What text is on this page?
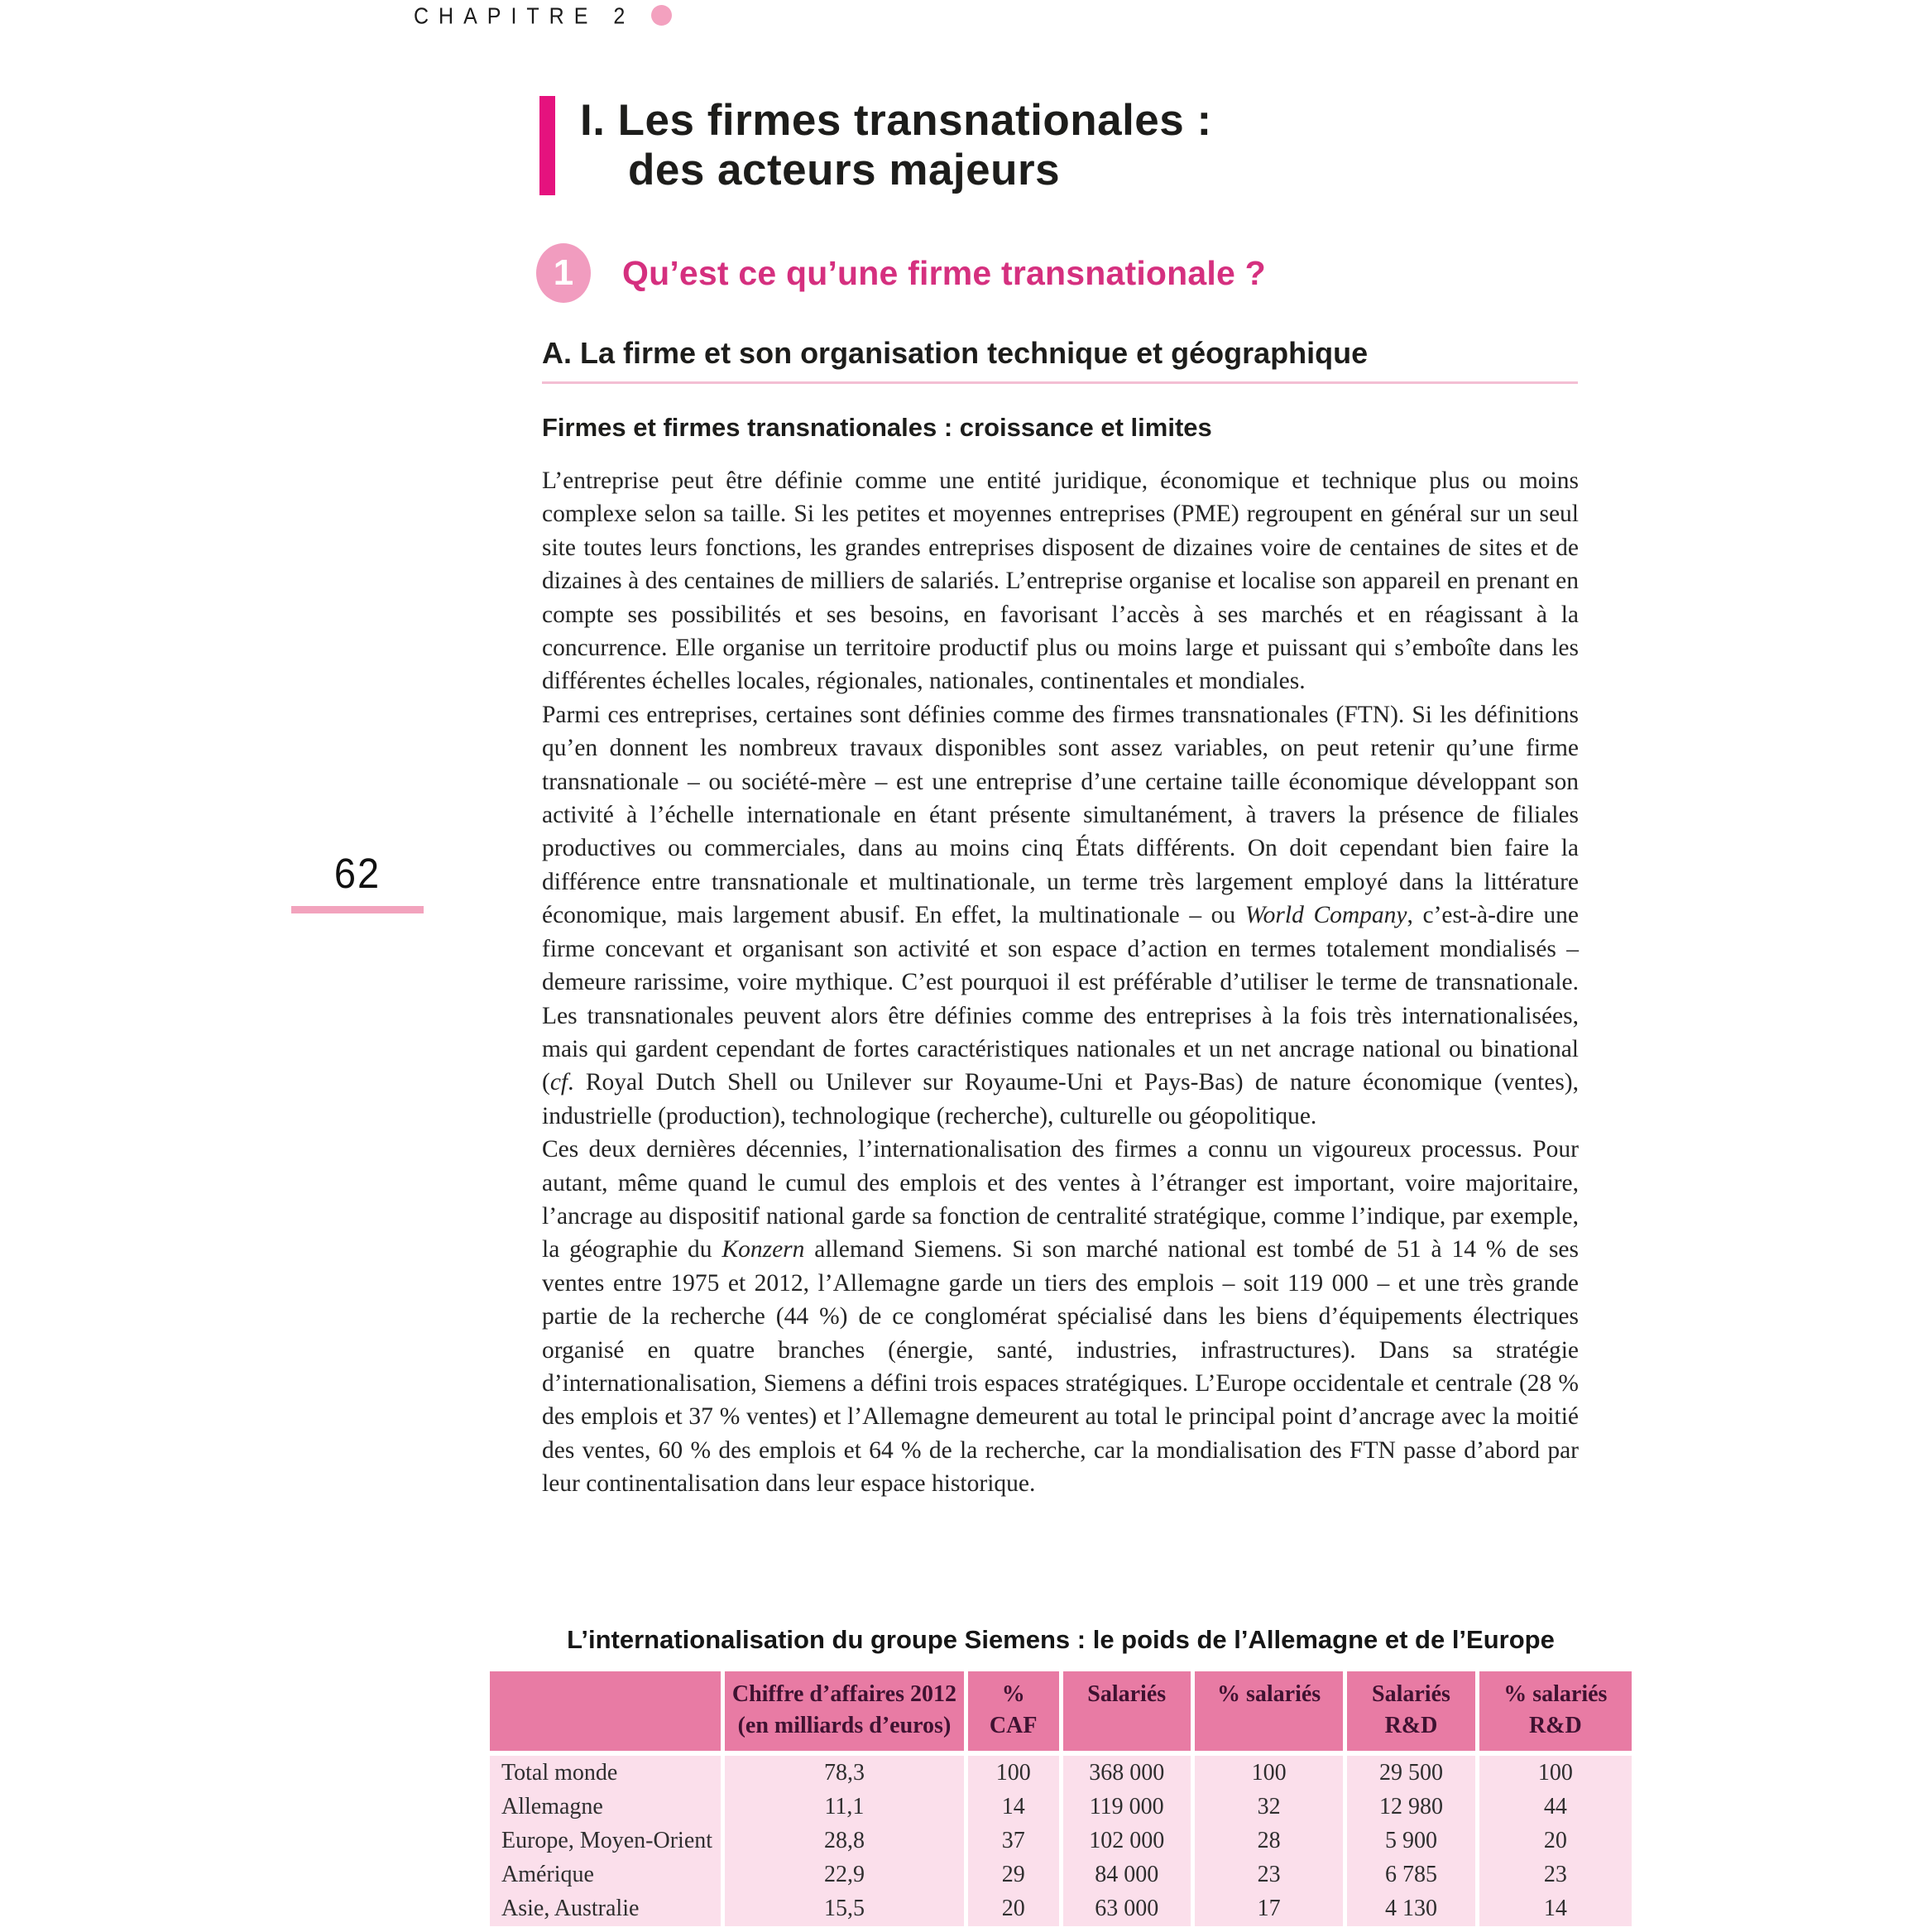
CHAPITRE 2
I. Les firmes transnationales :
des acteurs majeurs
1	Qu’est ce qu’une firme transnationale ?
A. La firme et son organisation technique et géographique
Firmes et firmes transnationales : croissance et limites

L’entreprise peut être définie comme une entité juridique, économique et technique plus ou moins complexe selon sa taille. Si les petites et moyennes entreprises (PME) regroupent en général sur un seul site toutes leurs fonctions, les grandes entreprises disposent de dizaines voire de centaines de sites et de dizaines à des centaines de milliers de salariés. L’entreprise organise et localise son appareil en prenant en compte ses possibilités et ses besoins, en favorisant l’accès à ses marchés et en réagissant à la concurrence. Elle organise un territoire productif plus ou moins large et puissant qui s’emboîte dans les différentes échelles locales, régionales, nationales, continentales et mondiales.

Parmi ces entreprises, certaines sont définies comme des firmes transnationales (FTN). Si les définitions qu’en donnent les nombreux travaux disponibles sont assez variables, on peut retenir qu’une firme transnationale – ou société-mère – est une entreprise d’une certaine taille économique développant son activité à l’échelle internationale en étant présente simultanément, à travers la présence de filiales productives ou commerciales, dans au moins cinq États différents. On doit cependant bien faire la différence entre transnationale et multinationale, un terme très largement employé dans la littérature économique, mais largement abusif. En effet, la multinationale – ou World Company, c’est-à-dire une firme concevant et organisant son activité et son espace d’action en termes totalement mondialisés – demeure rarissime, voire mythique. C’est pourquoi il est préférable d’utiliser le terme de transnationale. Les transnationales peuvent alors être définies comme des entreprises à la fois très internationalisées, mais qui gardent cependant de fortes caractéristiques nationales et un net ancrage national ou binational (cf. Royal Dutch Shell ou Unilever sur Royaume-Uni et Pays-Bas) de nature économique (ventes), industrielle (production), technologique (recherche), culturelle ou géopolitique.

Ces deux dernières décennies, l’internationalisation des firmes a connu un vigoureux processus. Pour autant, même quand le cumul des emplois et des ventes à l’étranger est important, voire majoritaire, l’ancrage au dispositif national garde sa fonction de centralité stratégique, comme l’indique, par exemple, la géographie du Konzern allemand Siemens. Si son marché national est tombé de 51 à 14 % de ses ventes entre 1975 et 2012, l’Allemagne garde un tiers des emplois – soit 119 000 – et une très grande partie de la recherche (44 %) de ce conglomérat spécialisé dans les biens d’équipements électriques organisé en quatre branches (énergie, santé, industries, infrastructures). Dans sa stratégie d’internationalisation, Siemens a défini trois espaces stratégiques. L’Europe occidentale et centrale (28 % des emplois et 37 % ventes) et l’Allemagne demeurent au total le principal point d’ancrage avec la moitié des ventes, 60 % des emplois et 64 % de la recherche, car la mondialisation des FTN passe d’abord par leur continentalisation dans leur espace historique.

62
L’internationalisation du groupe Siemens : le poids de l’Allemagne et de l’Europe
Total monde
Allemagne
Europe, Moyen-Orient
Amérique
Asie, Australie
Chiffre d’affaires 2012
(en milliards d’euros)
78,3
11,1
28,8
22,9
15,5
%
CAF
100
14
37
29
20
Salariés
368 000
119 000
102 000
84 000
63 000
% salariés
100
32
28
23
17
Salariés
R&D
29 500
12 980
5 900
6 785
4 130
% salariés
R&D
100
44
20
23
14
